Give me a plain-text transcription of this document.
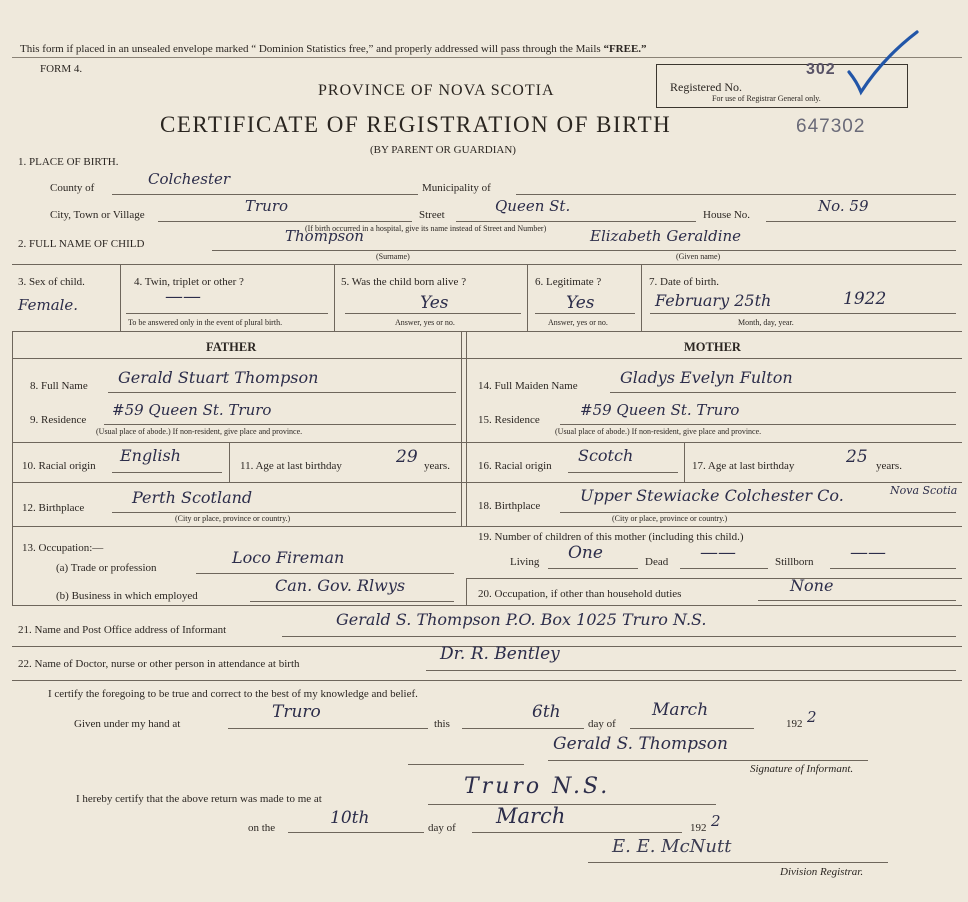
This form if placed in an unsealed envelope marked “ Dominion Statistics free,” and properly addressed will pass through the Mails “FREE.”
FORM 4.
PROVINCE OF NOVA SCOTIA
CERTIFICATE OF REGISTRATION OF BIRTH
(BY PARENT OR GUARDIAN)
Registered No.
302
For use of Registrar General only.
647302
1. PLACE OF BIRTH.
County of	Colchester	Municipality of
City, Town or Village	Truro	Street	Queen St.	House No.	No. 59
(If birth occurred in a hospital, give its name instead of Street and Number)
2. FULL NAME OF CHILD	Thompson	Elizabeth Geraldine
(Surname)	(Given name)
3. Sex of child.
Female.
4. Twin, triplet or other ?
——
To be answered only in the event of plural birth.
5. Was the child born alive ?
Yes
Answer, yes or no.
6. Legitimate ?
Yes
Answer, yes or no.
7. Date of birth.
February 25th	1922
Month, day, year.
FATHER	MOTHER
8. Full Name Gerald Stuart Thompson	14. Full Maiden Name	Gladys Evelyn Fulton
9. Residence
#59 Queen St. Truro
(Usual place of abode.) If non-resident, give place and province.
15. Residence
#59 Queen St. Truro
(Usual place of abode.) If non-resident, give place and province.
10. Racial origin
English
11. Age at last birthday	29 years.	16. Racial origin
Scotch
17. Age at last birthday	25 years.
12. Birthplace
Perth Scotland
(City or place, province or country.)
18. Birthplace
Upper Stewiacke Colchester Co.	Nova Scotia
(City or place, province or country.)
13. Occupation:—
(a) Trade or profession
Loco Fireman
(b) Business in which employed
Can. Gov. Rlwys
19. Number of children of this mother (including this child.)
Living One	Dead ——	Stillborn ——
20. Occupation, if other than household duties	None
21. Name and Post Office address of Informant
Gerald S. Thompson P.O. Box 1025 Truro N.S.
22. Name of Doctor, nurse or other person in attendance at birth	Dr. R. Bentley
I certify the foregoing to be true and correct to the best of my knowledge and belief.
Given under my hand at
Truro
this
6th
day of
March
192 2
Gerald S. Thompson
Signature of Informant.
I hereby certify that the above return was made to me at	Truro N.S.
on the	10th	day of March	192 2
E. E. McNutt
Division Registrar.
